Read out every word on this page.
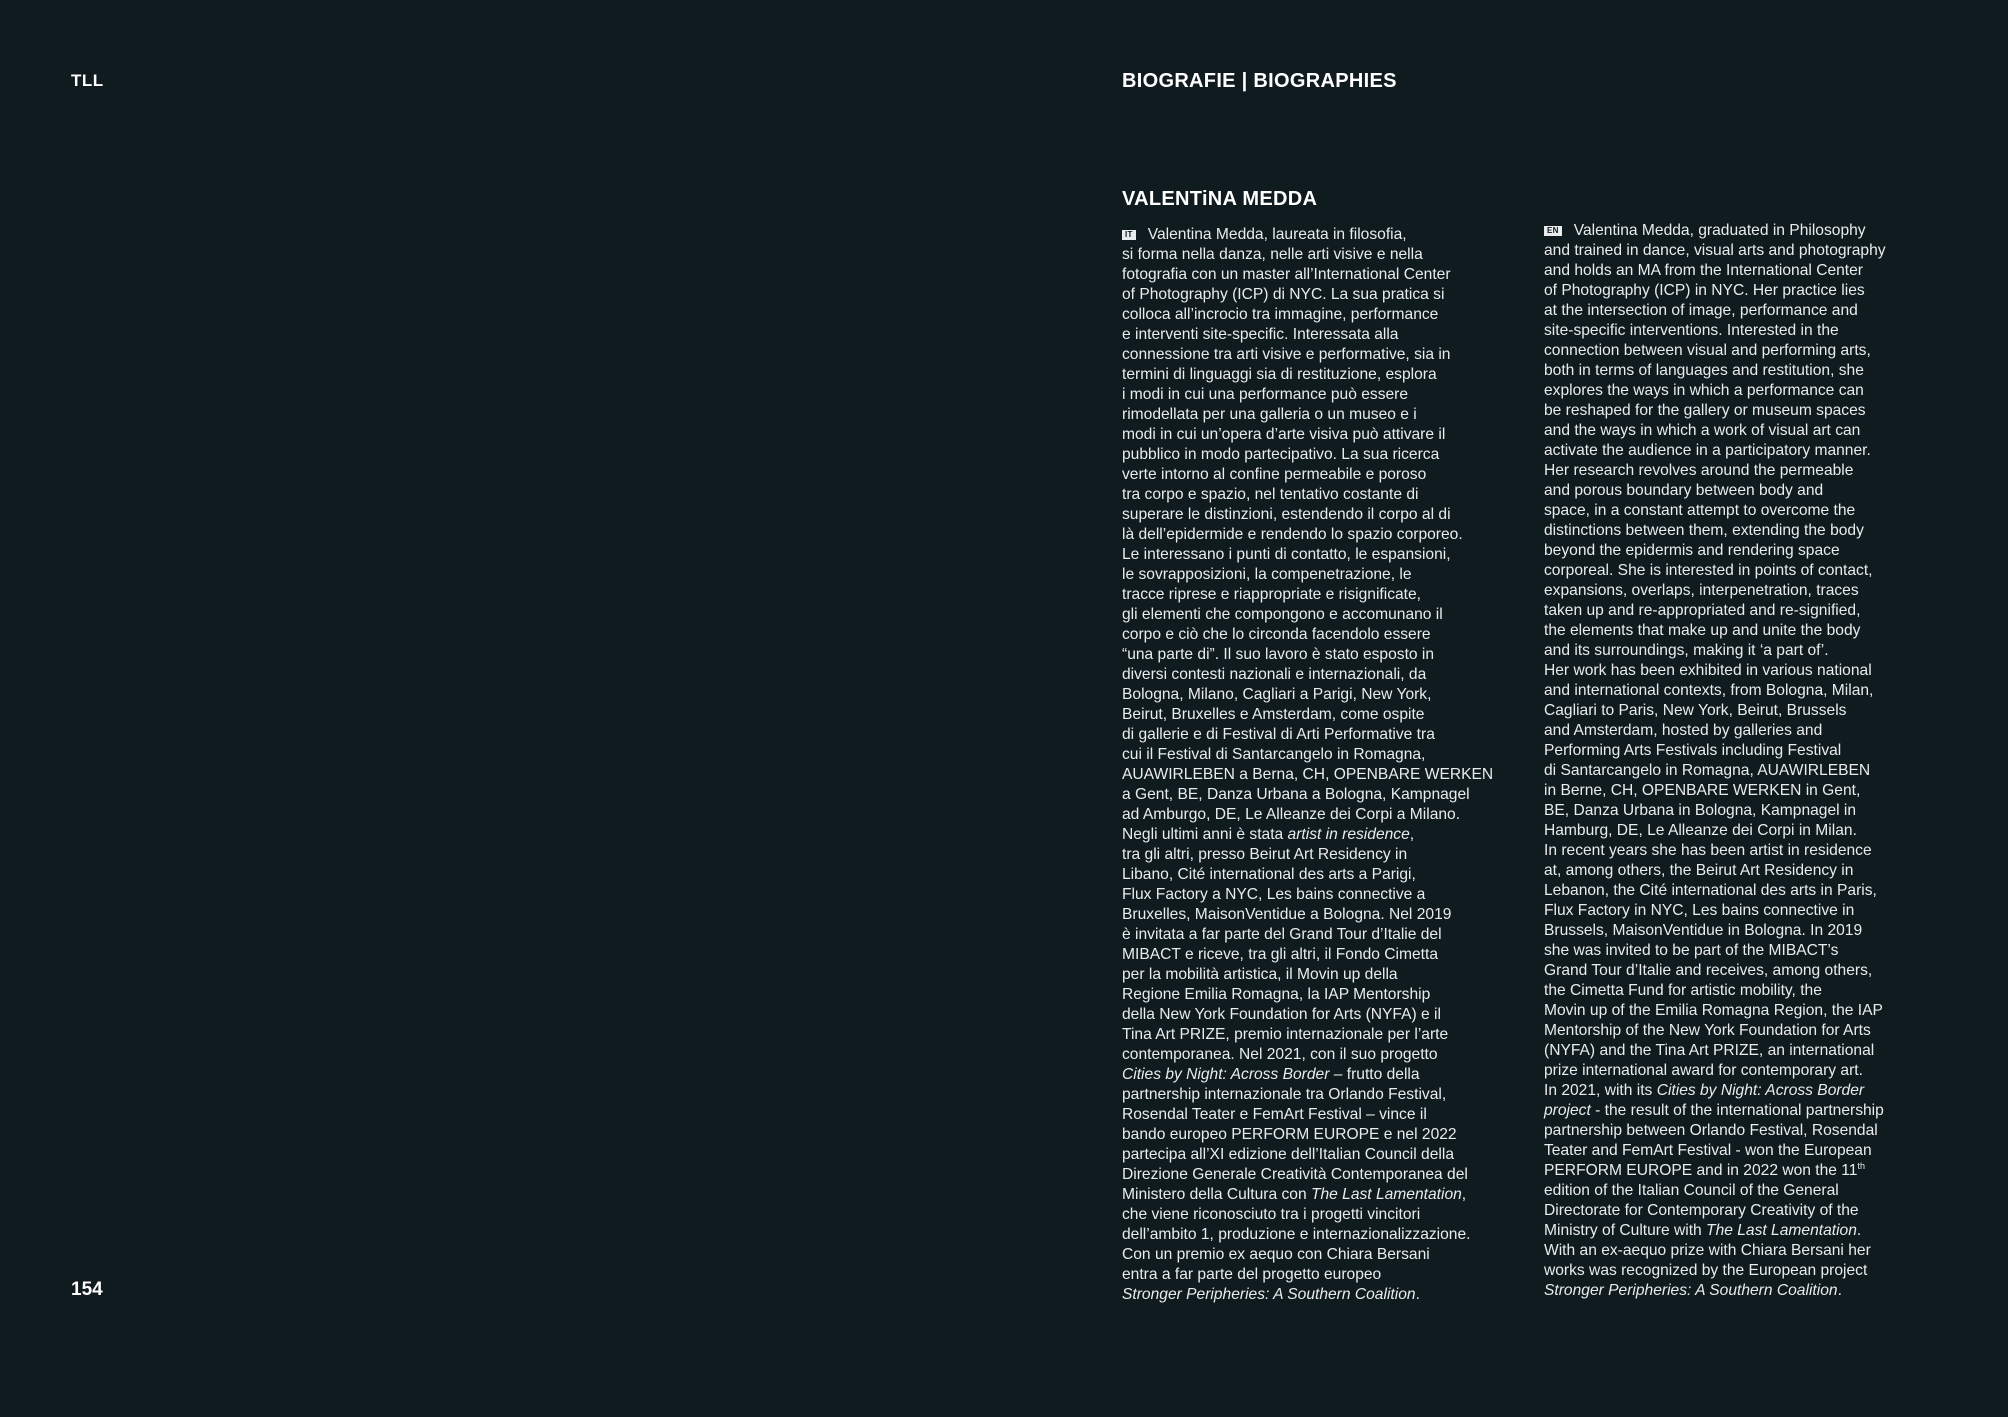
TLL	BIOGRAFIE | BIOGRAPHIES
VALENTiNA MEDDA
154
IT Valentina Medda, laureata in filosofia,
si forma nella danza, nelle arti visive e nella
fotografia con un master all’International Center
of Photography (ICP) di NYC. La sua pratica si
colloca all’incrocio tra immagine, performance
e interventi site-specific. Interessata alla
connessione tra arti visive e performative, sia in
termini di linguaggi sia di restituzione, esplora
i modi in cui una performance può essere
rimodellata per una galleria o un museo e i
modi in cui un’opera d’arte visiva può attivare il
pubblico in modo partecipativo. La sua ricerca
verte intorno al confine permeabile e poroso
tra corpo e spazio, nel tentativo costante di
superare le distinzioni, estendendo il corpo al di
là dell’epidermide e rendendo lo spazio corporeo.
Le interessano i punti di contatto, le espansioni,
le sovrapposizioni, la compenetrazione, le
tracce riprese e riappropriate e risignificate,
gli elementi che compongono e accomunano il
corpo e ciò che lo circonda facendolo essere
“una parte di”. Il suo lavoro è stato esposto in
diversi contesti nazionali e internazionali, da
Bologna, Milano, Cagliari a Parigi, New York,
Beirut, Bruxelles e Amsterdam, come ospite
di gallerie e di Festival di Arti Performative tra
cui il Festival di Santarcangelo in Romagna,
AUAWIRLEBEN a Berna, CH, OPENBARE WERKEN
a Gent, BE, Danza Urbana a Bologna, Kampnagel
ad Amburgo, DE, Le Alleanze dei Corpi a Milano.
Negli ultimi anni è stata artist in residence,
tra gli altri, presso Beirut Art Residency in
Libano, Cité international des arts a Parigi,
Flux Factory a NYC, Les bains connective a
Bruxelles, MaisonVentidue a Bologna. Nel 2019
è invitata a far parte del Grand Tour d’Italie del
MIBACT e riceve, tra gli altri, il Fondo Cimetta
per la mobilità artistica, il Movin up della
Regione Emilia Romagna, la IAP Mentorship
della New York Foundation for Arts (NYFA) e il
Tina Art PRIZE, premio internazionale per l’arte
contemporanea. Nel 2021, con il suo progetto
Cities by Night: Across Border – frutto della
partnership internazionale tra Orlando Festival,
Rosendal Teater e FemArt Festival – vince il
bando europeo PERFORM EUROPE e nel 2022
partecipa all’XI edizione dell’Italian Council della
Direzione Generale Creatività Contemporanea del
Ministero della Cultura con The Last Lamentation,
che viene riconosciuto tra i progetti vincitori
dell’ambito 1, produzione e internazionalizzazione.
Con un premio ex aequo con Chiara Bersani
entra a far parte del progetto europeo
Stronger Peripheries: A Southern Coalition.
EN Valentina Medda, graduated in Philosophy
and trained in dance, visual arts and photography
and holds an MA from the International Center
of Photography (ICP) in NYC. Her practice lies
at the intersection of image, performance and
site-specific interventions. Interested in the
connection between visual and performing arts,
both in terms of languages and restitution, she
explores the ways in which a performance can
be reshaped for the gallery or museum spaces
and the ways in which a work of visual art can
activate the audience in a participatory manner.
Her research revolves around the permeable
and porous boundary between body and
space, in a constant attempt to overcome the
distinctions between them, extending the body
beyond the epidermis and rendering space
corporeal. She is interested in points of contact,
expansions, overlaps, interpenetration, traces
taken up and re-appropriated and re-signified,
the elements that make up and unite the body
and its surroundings, making it ‘a part of’.
Her work has been exhibited in various national
and international contexts, from Bologna, Milan,
Cagliari to Paris, New York, Beirut, Brussels
and Amsterdam, hosted by galleries and
Performing Arts Festivals including Festival
di Santarcangelo in Romagna, AUAWIRLEBEN
in Berne, CH, OPENBARE WERKEN in Gent,
BE, Danza Urbana in Bologna, Kampnagel in
Hamburg, DE, Le Alleanze dei Corpi in Milan.
In recent years she has been artist in residence
at, among others, the Beirut Art Residency in
Lebanon, the Cité international des arts in Paris,
Flux Factory in NYC, Les bains connective in
Brussels, MaisonVentidue in Bologna. In 2019
she was invited to be part of the MIBACT’s
Grand Tour d’Italie and receives, among others,
the Cimetta Fund for artistic mobility, the
Movin up of the Emilia Romagna Region, the IAP
Mentorship of the New York Foundation for Arts
(NYFA) and the Tina Art PRIZE, an international
prize international award for contemporary art.
In 2021, with its Cities by Night: Across Border
project - the result of the international partnership
partnership between Orlando Festival, Rosendal
Teater and FemArt Festival - won the European
PERFORM EUROPE and in 2022 won the 11th
edition of the Italian Council of the General
Directorate for Contemporary Creativity of the
Ministry of Culture with The Last Lamentation.
With an ex-aequo prize with Chiara Bersani her
works was recognized by the European project
Stronger Peripheries: A Southern Coalition.
